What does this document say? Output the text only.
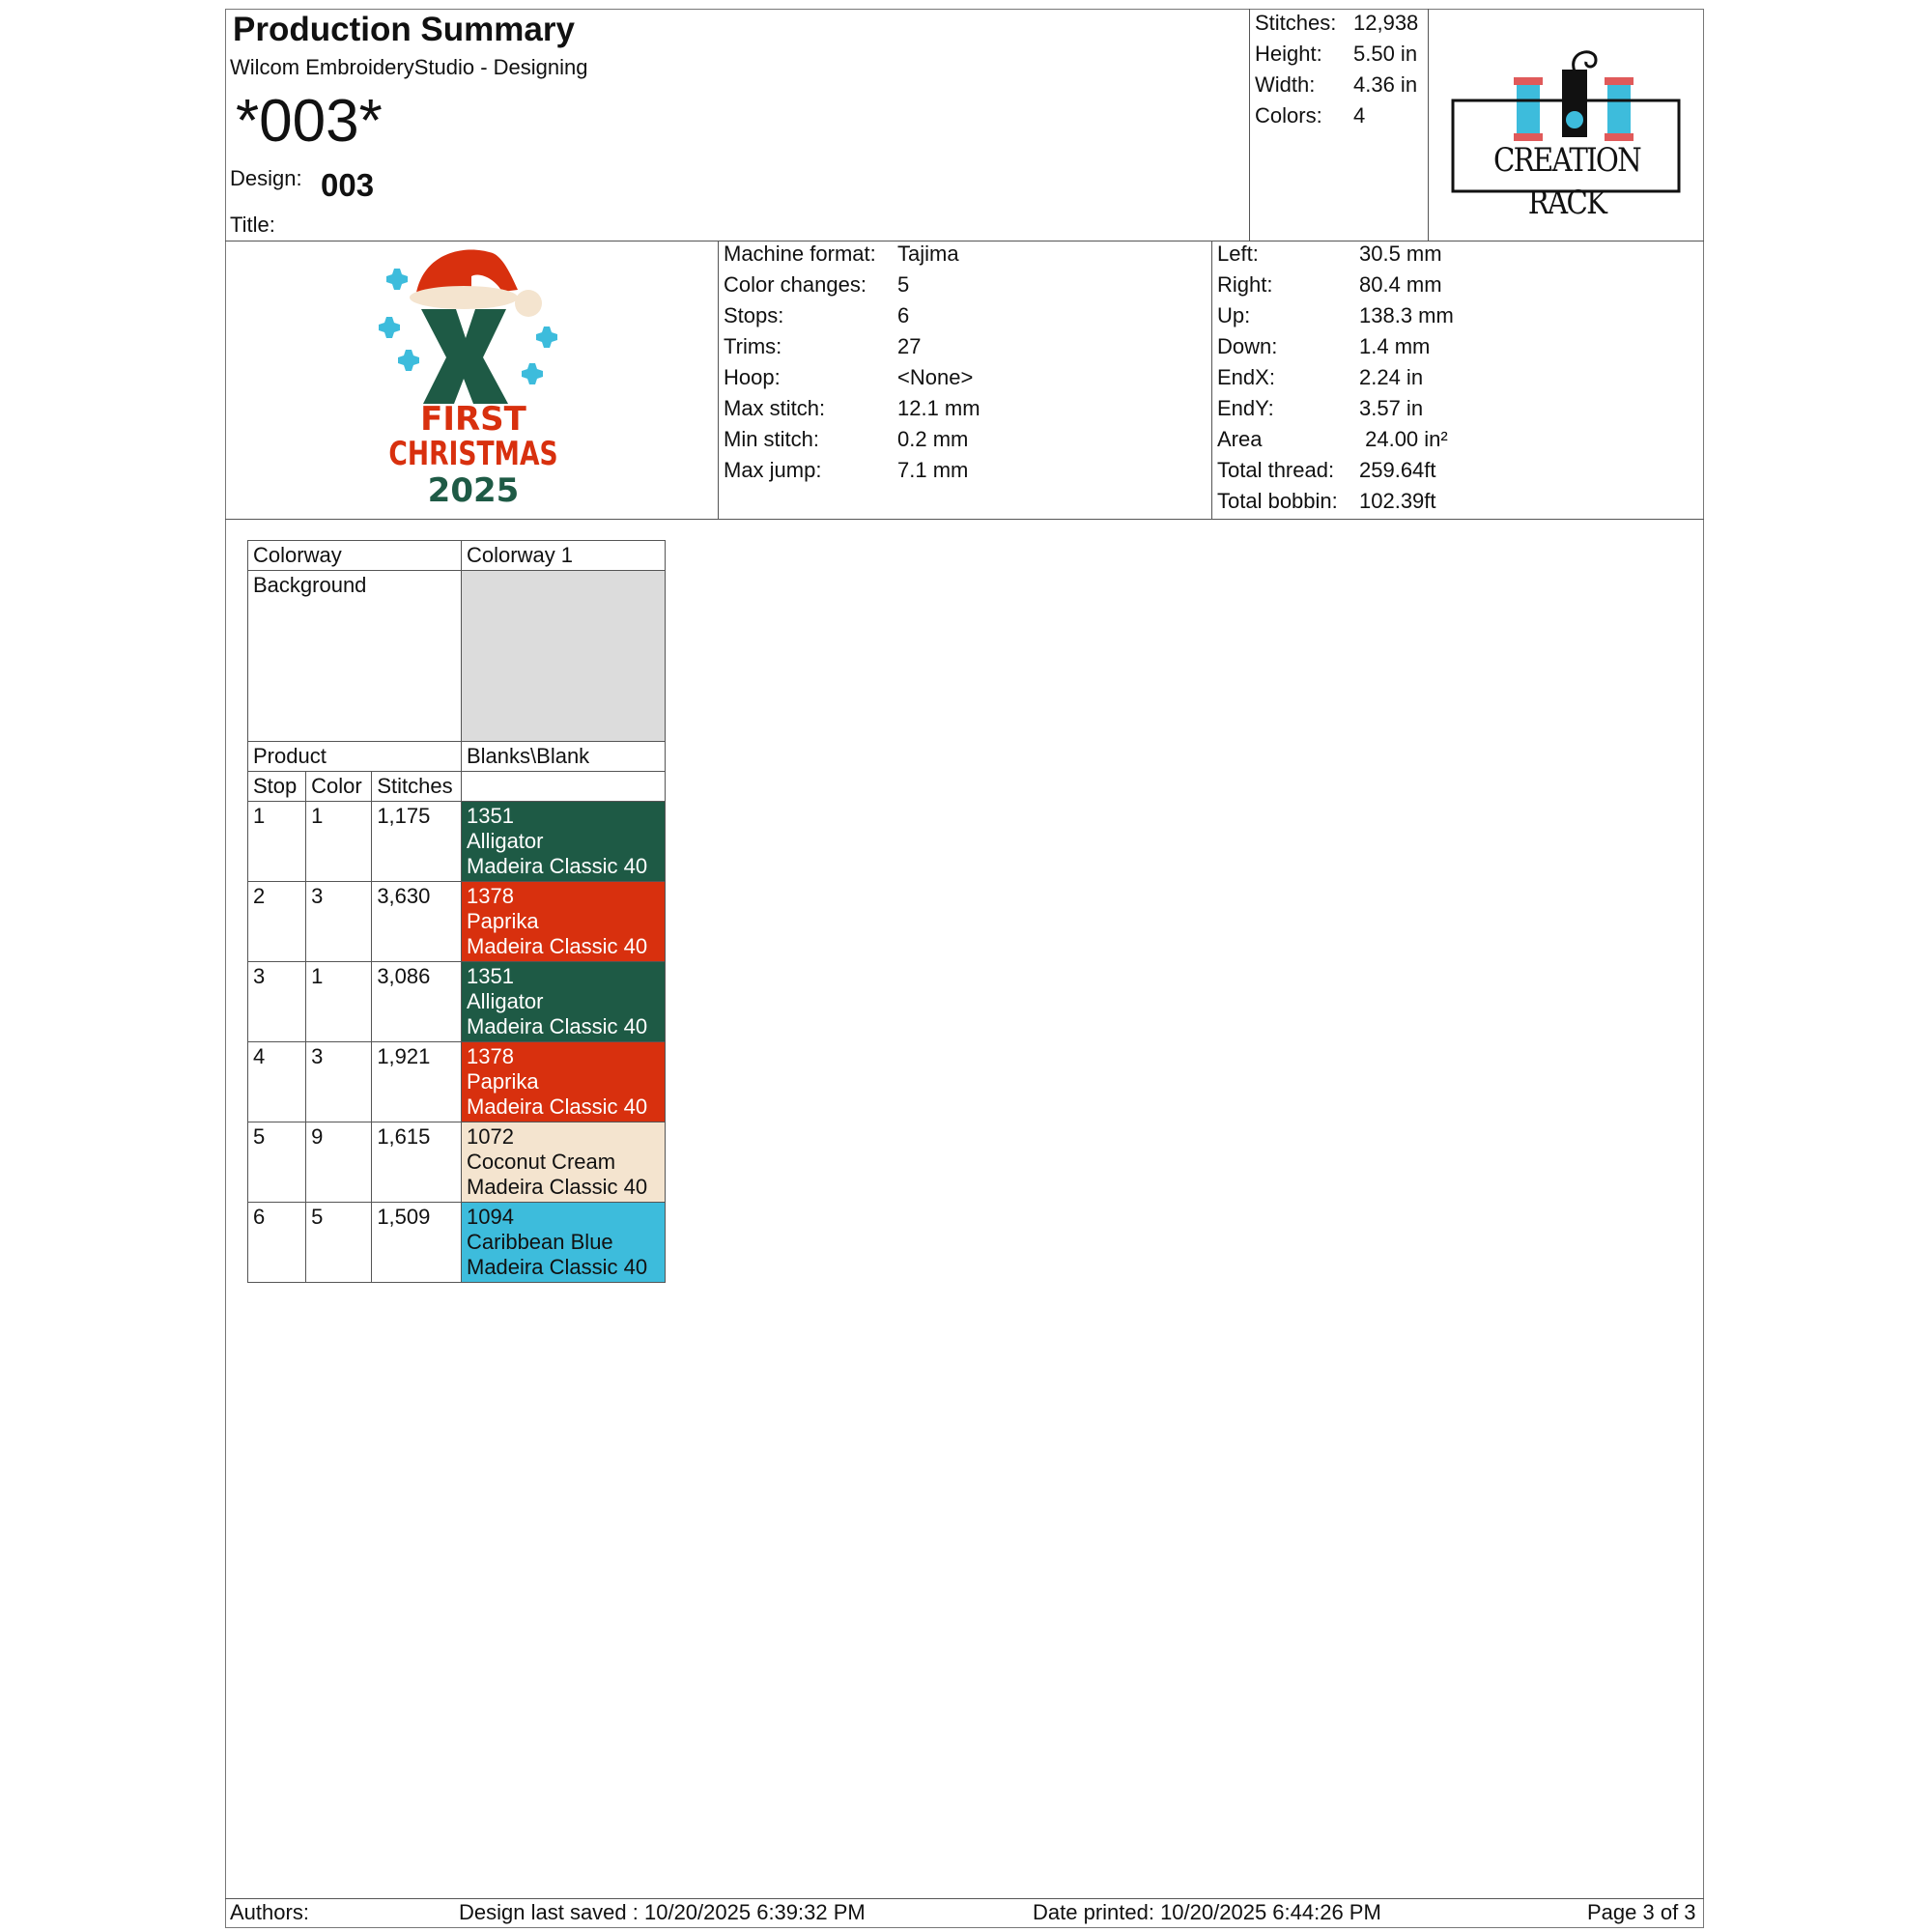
Production Summary
Wilcom EmbroideryStudio - Designing
*003*
Design: 003
Title:
Stitches: 12,938
Height:	5.50 in
Width:	4.36 in
Colors:	4
CREATION RACK
FIRST
CHRISTMAS
2025
Machine format:	Tajima
Color changes:	5
Stops:	6
Trims:	27
Hoop:	<None>
Max stitch:	12.1 mm
Min stitch:	0.2 mm
Max jump:	7.1 mm
Left:	30.5 mm
Right:	80.4 mm
Up:	138.3 mm
Down:	1.4 mm
EndX:	2.24 in
EndY:	3.57 in
Area	24.00 in²
Total thread:	259.64ft
Total bobbin:	102.39ft
Colorway			Colorway 1
Background			
Product			Blanks\Blank
Stop	Color	Stitches	
1	1	1,175	1351
Alligator
Madeira Classic 40

2	3	3,630	1378
Paprika
Madeira Classic 40

3	1	3,086	1351
Alligator
Madeira Classic 40

4	3	1,921	1378
Paprika
Madeira Classic 40

5	9	1,615	1072
Coconut Cream
Madeira Classic 40

6	5	1,509	1094
Caribbean Blue
Madeira Classic 40
Authors:	Design last saved : 10/20/2025 6:39:32 PM	Date printed: 10/20/2025 6:44:26 PM	Page 3 of 3
